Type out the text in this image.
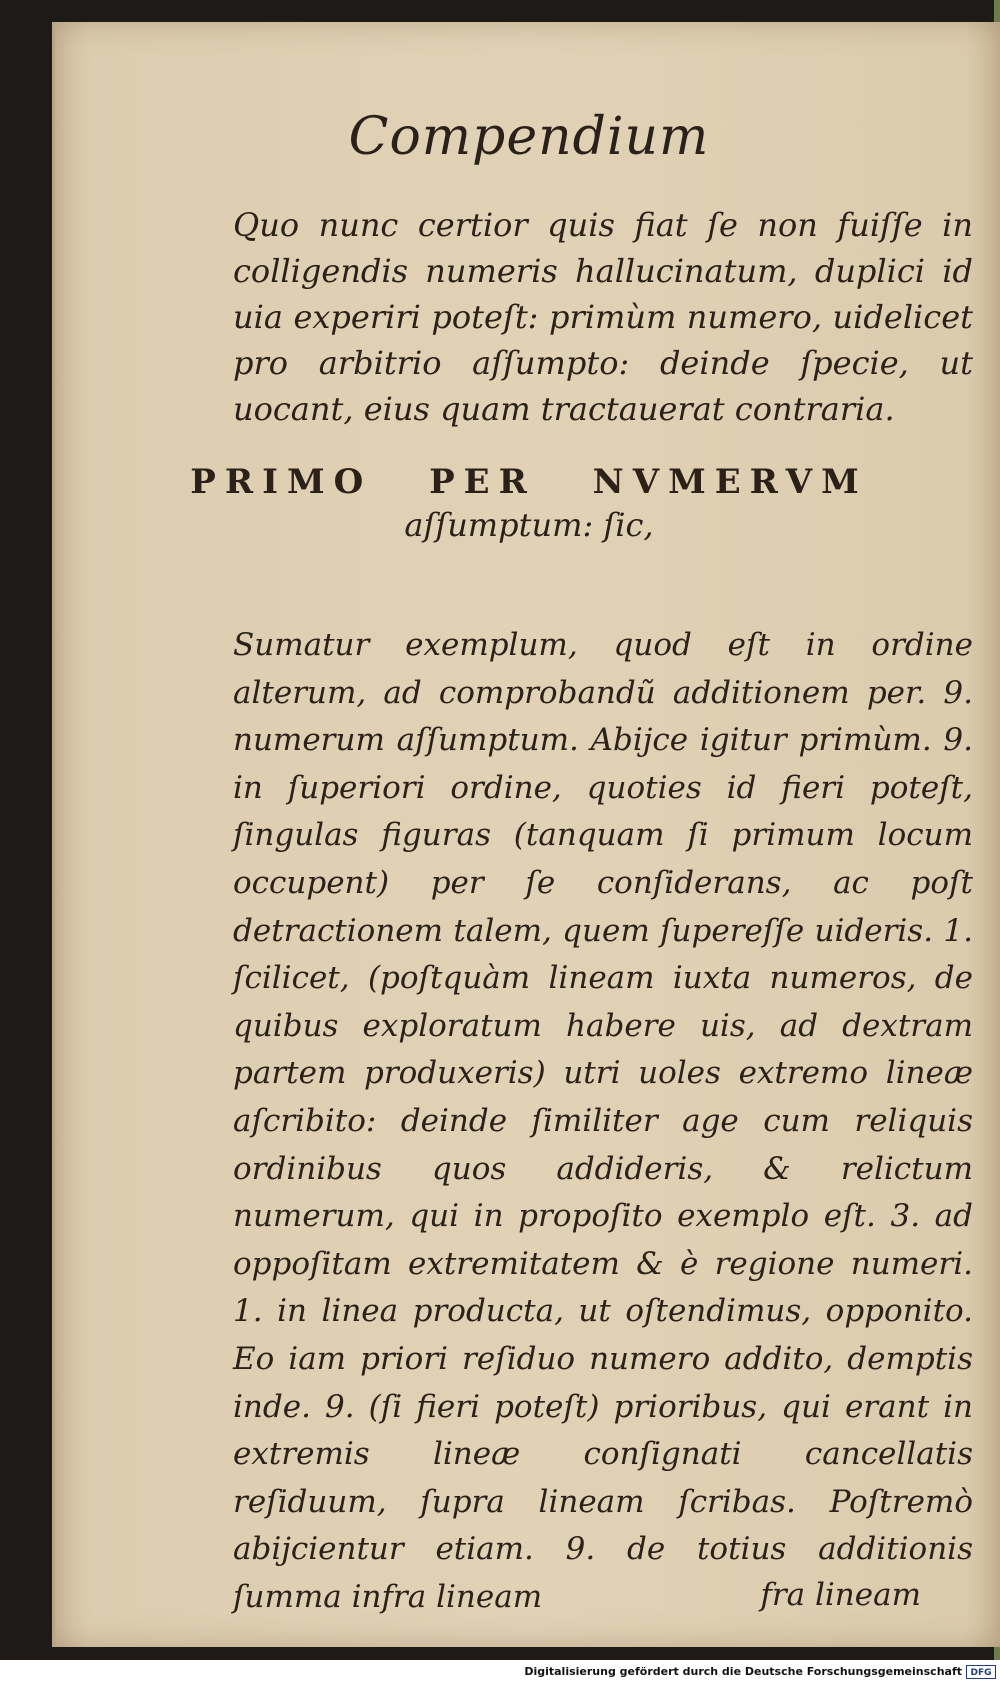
Compendium

Quo nunc certior quis fiat ſe non fuiſſe in colligendis numeris hallucinatum, duplici id uia experiri poteſt: primùm numero, uidelicet pro arbitrio aſſumpto: deinde ſpecie, ut uocant, eius quam tractauerat contraria.

PRIMO PER NVMERVM
aſſumptum: ſic,

Sumatur exemplum, quod eſt in ordine alterum, ad comprobandũ additionem per. 9. numerum aſſumptum. Abijce igitur primùm. 9. in ſuperiori ordine, quoties id fieri poteſt, ſingulas figuras (tanquam ſi primum locum occupent) per ſe conſiderans, ac poſt detractionem talem, quem ſupereſſe uideris. 1. ſcilicet, (poſtquàm lineam iuxta numeros, de quibus exploratum habere uis, ad dextram partem produxeris) utri uoles extremo lineæ aſcribito: deinde ſimiliter age cum reliquis ordinibus quos addideris, & relictum numerum, qui in propoſito exemplo eſt. 3. ad oppoſitam extremitatem & è regione numeri. 1. in linea producta, ut oſtendimus, opponito. Eo iam priori reſiduo numero addito, demptis inde. 9. (ſi fieri poteſt) prioribus, qui erant in extremis lineæ conſignati cancellatis reſiduum, ſupra lineam ſcribas. Poſtremò abijcientur etiam. 9. de totius additionis ſumma infra lineam	fra lineam
Digitalisierung gefördert durch die Deutsche Forschungsgemeinschaft DFG
